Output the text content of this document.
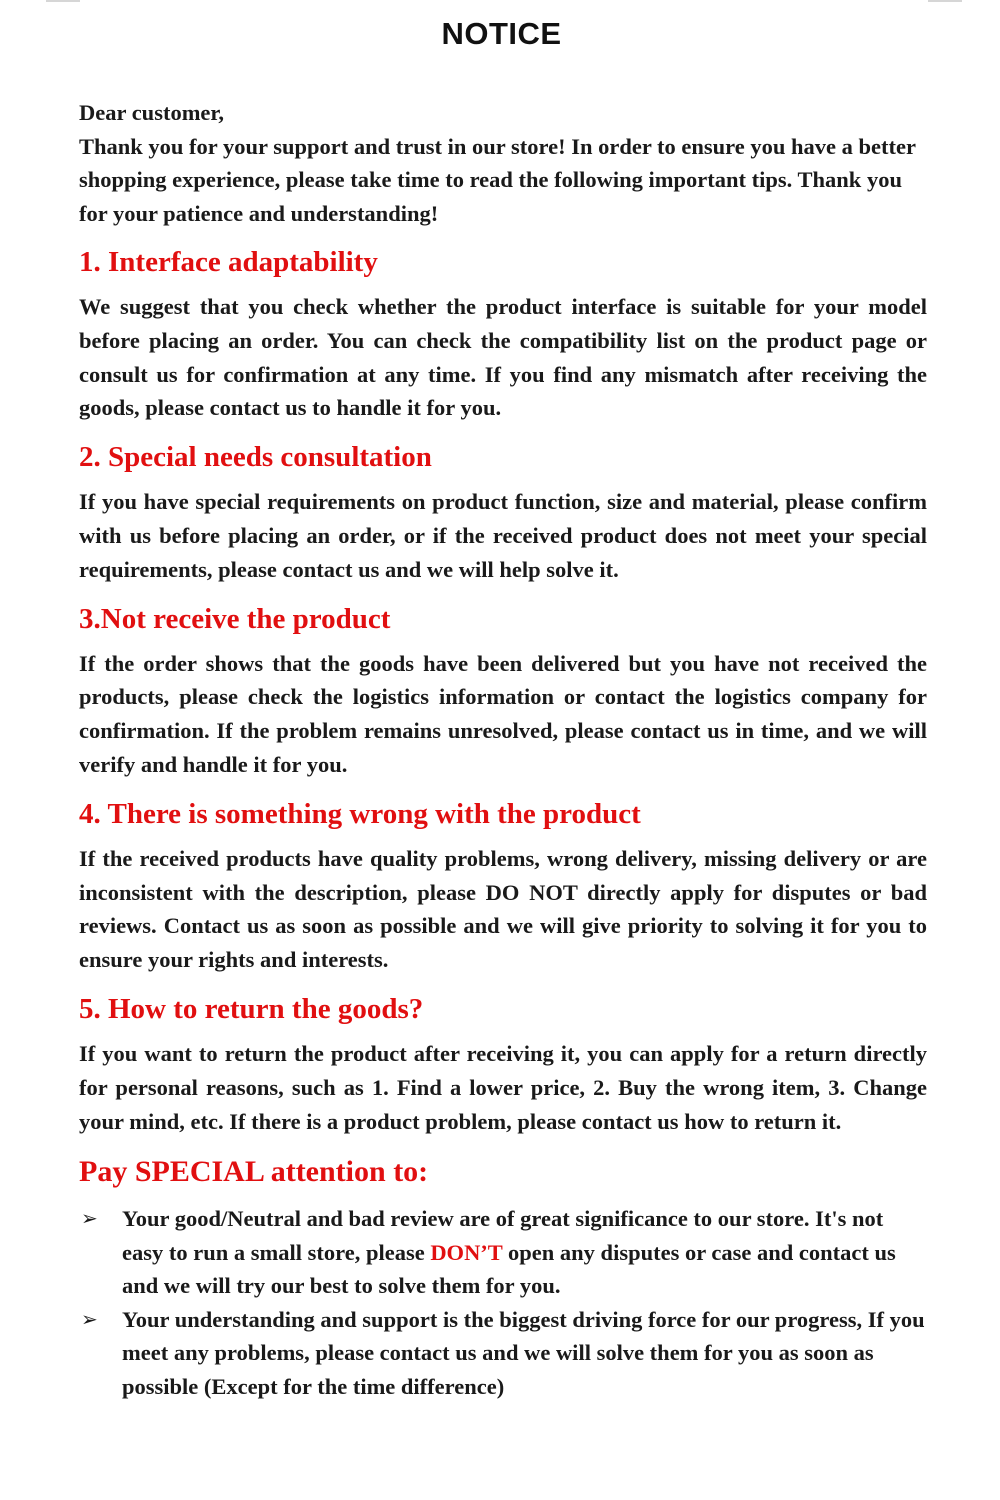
NOTICE

Dear customer,

Thank you for your support and trust in our store! In order to ensure you have a better shopping experience, please take time to read the following important tips. Thank you for your patience and understanding!

1. Interface adaptability
We suggest that you check whether the product interface is suitable for your model before placing an order. You can check the compatibility list on the product page or consult us for confirmation at any time. If you find any mismatch after receiving the goods, please contact us to handle it for you.
2. Special needs consultation
If you have special requirements on product function, size and material, please confirm with us before placing an order, or if the received product does not meet your special requirements, please contact us and we will help solve it.
3.Not receive the product
If the order shows that the goods have been delivered but you have not received the products, please check the logistics information or contact the logistics company for confirmation. If the problem remains unresolved, please contact us in time, and we will verify and handle it for you.
4. There is something wrong with the product
If the received products have quality problems, wrong delivery, missing delivery or are inconsistent with the description, please DO NOT directly apply for disputes or bad reviews. Contact us as soon as possible and we will give priority to solving it for you to ensure your rights and interests.
5. How to return the goods?
If you want to return the product after receiving it, you can apply for a return directly for personal reasons, such as 1. Find a lower price, 2. Buy the wrong item, 3. Change your mind, etc. If there is a product problem, please contact us how to return it.
Pay SPECIAL attention to:
➢ Your good/Neutral and bad review are of great significance to our store. It's not easy to run a small store, please DON’T open any disputes or case and contact us and we will try our best to solve them for you.
➢ Your understanding and support is the biggest driving force for our progress, If you meet any problems, please contact us and we will solve them for you as soon as possible (Except for the time difference)
